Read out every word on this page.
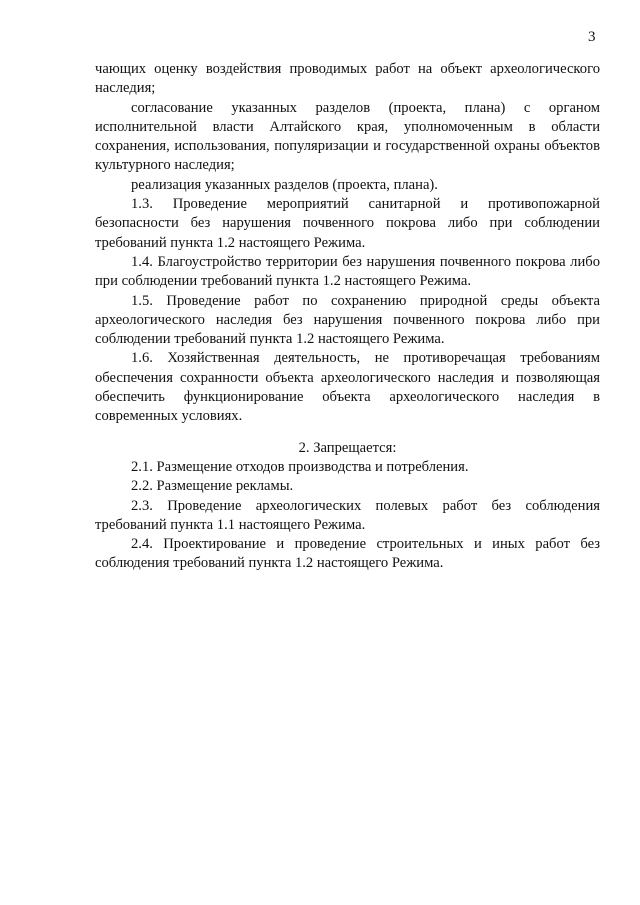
3

чающих оценку воздействия проводимых работ на объект археологического наследия;

согласование указанных разделов (проекта, плана) с органом исполнительной власти Алтайского края, уполномоченным в области сохранения, использования, популяризации и государственной охраны объектов культурного наследия;

реализация указанных разделов (проекта, плана).

1.3. Проведение мероприятий санитарной и противопожарной безопасности без нарушения почвенного покрова либо при соблюдении требований пункта 1.2 настоящего Режима.

1.4. Благоустройство территории без нарушения почвенного покрова либо при соблюдении требований пункта 1.2 настоящего Режима.

1.5. Проведение работ по сохранению природной среды объекта археологического наследия без нарушения почвенного покрова либо при соблюдении требований пункта 1.2 настоящего Режима.

1.6. Хозяйственная деятельность, не противоречащая требованиям обеспечения сохранности объекта археологического наследия и позволяющая обеспечить функционирование объекта археологического наследия в современных условиях.

2. Запрещается:

2.1. Размещение отходов производства и потребления.

2.2. Размещение рекламы.

2.3. Проведение археологических полевых работ без соблюдения требований пункта 1.1 настоящего Режима.

2.4. Проектирование и проведение строительных и иных работ без соблюдения требований пункта 1.2 настоящего Режима.
